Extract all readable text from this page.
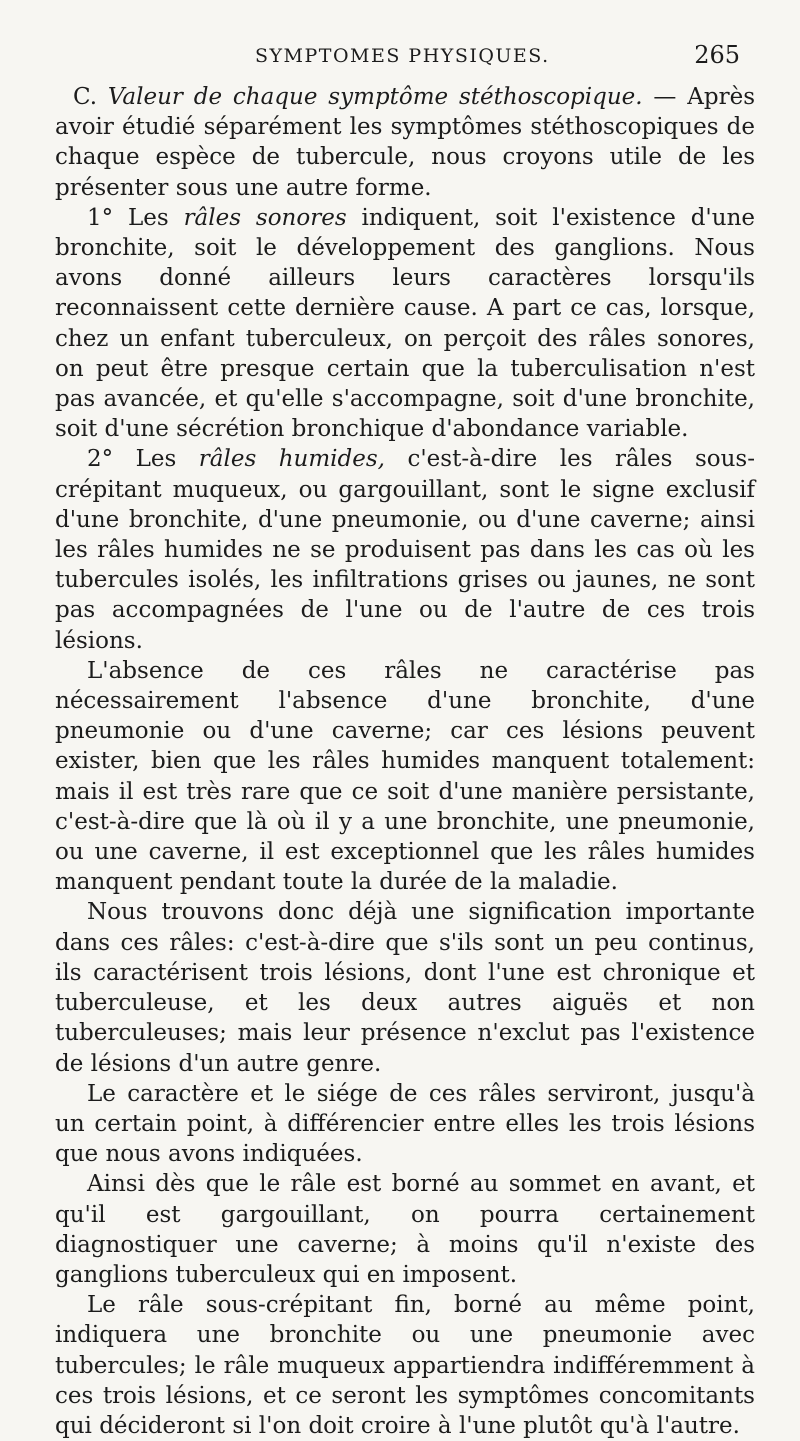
SYMPTOMES PHYSIQUES.	265

C. Valeur de chaque symptôme stéthoscopique. — Après avoir étudié séparément les symptômes stéthoscopiques de chaque espèce de tubercule, nous croyons utile de les présenter sous une autre forme.

1° Les râles sonores indiquent, soit l'existence d'une bronchite, soit le développement des ganglions. Nous avons donné ailleurs leurs caractères lorsqu'ils reconnaissent cette dernière cause. A part ce cas, lorsque, chez un enfant tuberculeux, on perçoit des râles sonores, on peut être presque certain que la tuberculisation n'est pas avancée, et qu'elle s'accompagne, soit d'une bronchite, soit d'une sécrétion bronchique d'abondance variable.

2° Les râles humides, c'est-à-dire les râles sous-crépitant muqueux, ou gargouillant, sont le signe exclusif d'une bronchite, d'une pneumonie, ou d'une caverne; ainsi les râles humides ne se produisent pas dans les cas où les tubercules isolés, les infiltrations grises ou jaunes, ne sont pas accompagnées de l'une ou de l'autre de ces trois lésions.

L'absence de ces râles ne caractérise pas nécessairement l'absence d'une bronchite, d'une pneumonie ou d'une caverne; car ces lésions peuvent exister, bien que les râles humides manquent totalement: mais il est très rare que ce soit d'une manière persistante, c'est-à-dire que là où il y a une bronchite, une pneumonie, ou une caverne, il est exceptionnel que les râles humides manquent pendant toute la durée de la maladie.

Nous trouvons donc déjà une signification importante dans ces râles: c'est-à-dire que s'ils sont un peu continus, ils caractérisent trois lésions, dont l'une est chronique et tuberculeuse, et les deux autres aiguës et non tuberculeuses; mais leur présence n'exclut pas l'existence de lésions d'un autre genre.

Le caractère et le siége de ces râles serviront, jusqu'à un certain point, à différencier entre elles les trois lésions que nous avons indiquées.

Ainsi dès que le râle est borné au sommet en avant, et qu'il est gargouillant, on pourra certainement diagnostiquer une caverne; à moins qu'il n'existe des ganglions tuberculeux qui en imposent.

Le râle sous-crépitant fin, borné au même point, indiquera une bronchite ou une pneumonie avec tubercules; le râle muqueux appartiendra indifféremment à ces trois lésions, et ce seront les symptômes concomitants qui décideront si l'on doit croire à l'une plutôt qu'à l'autre.
